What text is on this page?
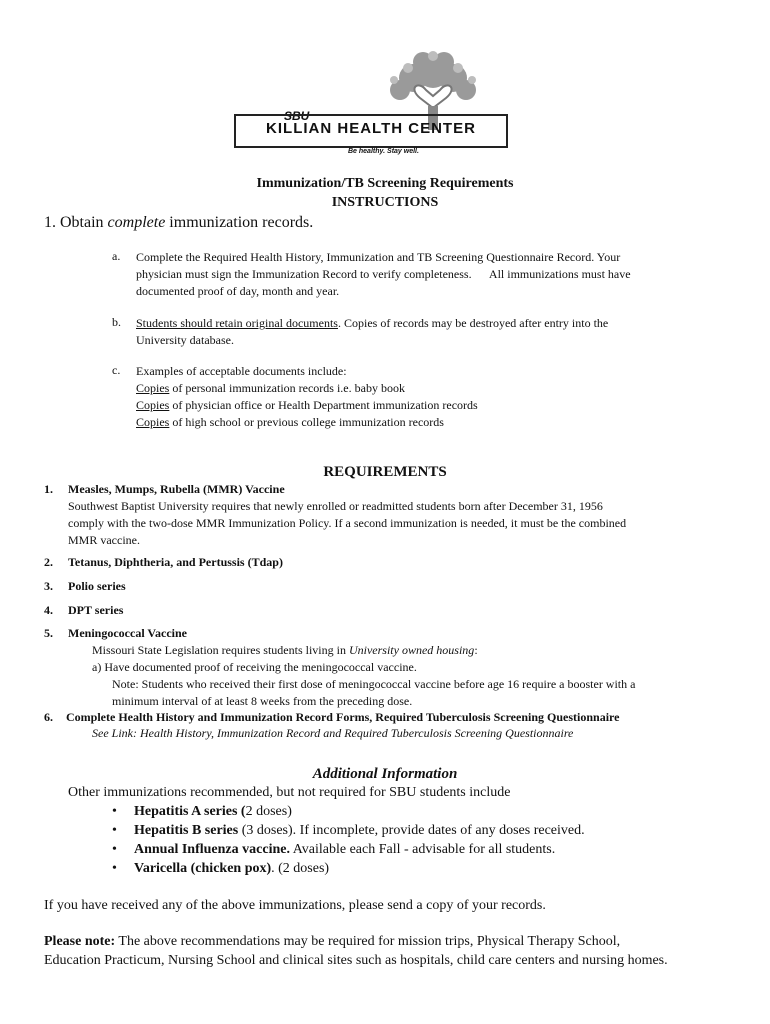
SBU
KILLIAN HEALTH CENTER
Be healthy. Stay well.
Immunization/TB Screening Requirements
INSTRUCTIONS
1. Obtain complete immunization records.
a. Complete the Required Health History, Immunization and TB Screening Questionnaire Record. Your
physician must sign the Immunization Record to verify completeness.      All immunizations must have
documented proof of day, month and year.
b. Students should retain original documents. Copies of records may be destroyed after entry into the
University database.
c. Examples of acceptable documents include:
Copies of personal immunization records i.e. baby book
Copies of physician office or Health Department immunization records
Copies of high school or previous college immunization records
REQUIREMENTS
1. Measles, Mumps, Rubella (MMR) Vaccine
Southwest Baptist University requires that newly enrolled or readmitted students born after December 31, 1956
comply with the two-dose MMR Immunization Policy. If a second immunization is needed, it must be the combined
MMR vaccine.
2. Tetanus, Diphtheria, and Pertussis (Tdap)
3. Polio series
4. DPT series
5. Meningococcal Vaccine
Missouri State Legislation requires students living in University owned housing:
a) Have documented proof of receiving the meningococcal vaccine.
Note: Students who received their first dose of meningococcal vaccine before age 16 require a booster with a
minimum interval of at least 8 weeks from the preceding dose.
6. Complete Health History and Immunization Record Forms, Required Tuberculosis Screening Questionnaire
See Link: Health History, Immunization Record and Required Tuberculosis Screening Questionnaire
Additional Information
Other immunizations recommended, but not required for SBU students include
• Hepatitis A series (2 doses)
• Hepatitis B series (3 doses). If incomplete, provide dates of any doses received.
• Annual Influenza vaccine. Available each Fall - advisable for all students.
• Varicella (chicken pox). (2 doses)
If you have received any of the above immunizations, please send a copy of your records.
Please note: The above recommendations may be required for mission trips, Physical Therapy School,
Education Practicum, Nursing School and clinical sites such as hospitals, child care centers and nursing homes.
